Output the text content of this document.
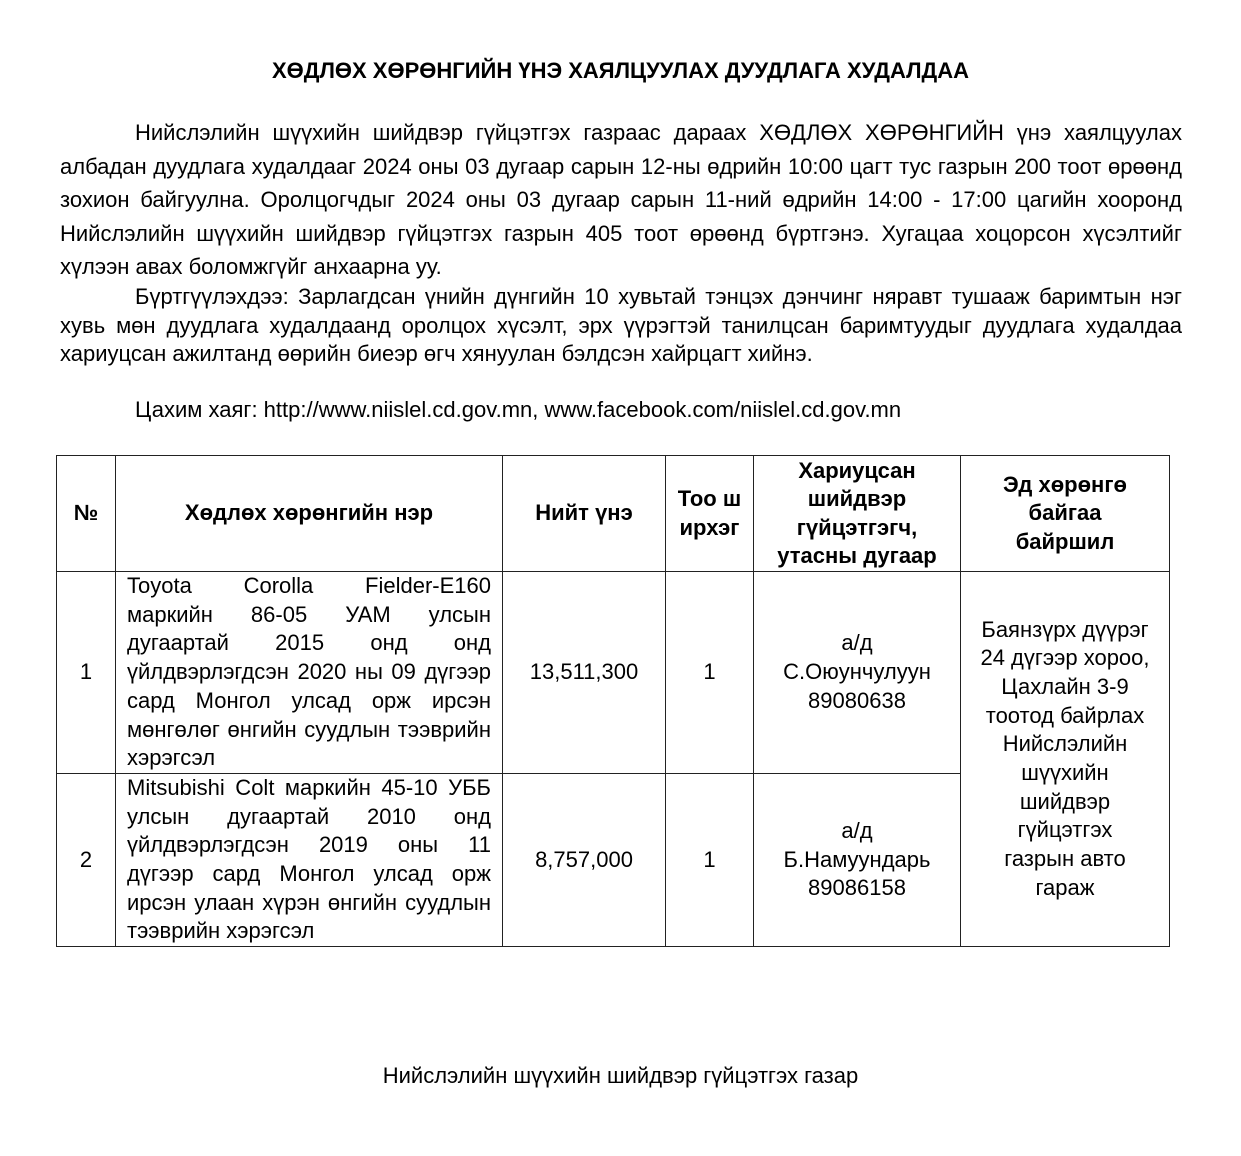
ХӨДЛӨХ ХӨРӨНГИЙН ҮНЭ ХАЯЛЦУУЛАХ ДУУДЛАГА ХУДАЛДАА

Нийслэлийн шүүхийн шийдвэр гүйцэтгэх газраас дараах ХӨДЛӨХ ХӨРӨНГИЙН үнэ хаялцуулах албадан дуудлага худалдааг 2024 оны 03 дугаар сарын 12-ны өдрийн 10:00 цагт тус газрын 200 тоот өрөөнд зохион байгуулна. Оролцогчдыг 2024 оны 03 дугаар сарын 11-ний өдрийн 14:00 - 17:00 цагийн хооронд Нийслэлийн шүүхийн шийдвэр гүйцэтгэх газрын 405 тоот өрөөнд бүртгэнэ. Хугацаа хоцорсон хүсэлтийг хүлээн авах боломжгүйг анхаарна уу.

Бүртгүүлэхдээ: Зарлагдсан үнийн дүнгийн 10 хувьтай тэнцэх дэнчинг няравт тушааж баримтын нэг хувь мөн дуудлага худалдаанд оролцох хүсэлт, эрх үүрэгтэй танилцсан баримтуудыг дуудлага худалдаа хариуцсан ажилтанд өөрийн биеэр өгч хянуулан бэлдсэн хайрцагт хийнэ.

Цахим хаяг: http://www.niislel.cd.gov.mn, www.facebook.com/niislel.cd.gov.mn

№	Хөдлөх хөрөнгийн нэр	Нийт үнэ	Тоо ширхэг	Хариуцсан шийдвэр гүйцэтгэгч, утасны дугаар	Эд хөрөнгө байгаа байршил
1	Toyota Corolla Fielder-E160 маркийн 86-05 УАМ улсын дугаартай 2015 онд онд үйлдвэрлэгдсэн 2020 ны 09 дүгээр сард Монгол улсад орж ирсэн мөнгөлөг өнгийн суудлын тээврийн хэрэгсэл	13,511,300	1	а/д
С.Оюунчулуун
89080638	Баянзүрх дүүрэг 24 дүгээр хороо, Цахлайн 3-9 тоотод байрлах Нийслэлийн шүүхийн шийдвэр гүйцэтгэх газрын авто гараж
2	Mitsubishi Colt маркийн 45-10 УББ улсын дугаартай 2010 онд үйлдвэрлэгдсэн 2019 оны 11 дүгээр сард Монгол улсад орж ирсэн улаан хүрэн өнгийн суудлын тээврийн хэрэгсэл	8,757,000	1	а/д
Б.Намуундарь
89086158	
Нийслэлийн шүүхийн шийдвэр гүйцэтгэх газар
